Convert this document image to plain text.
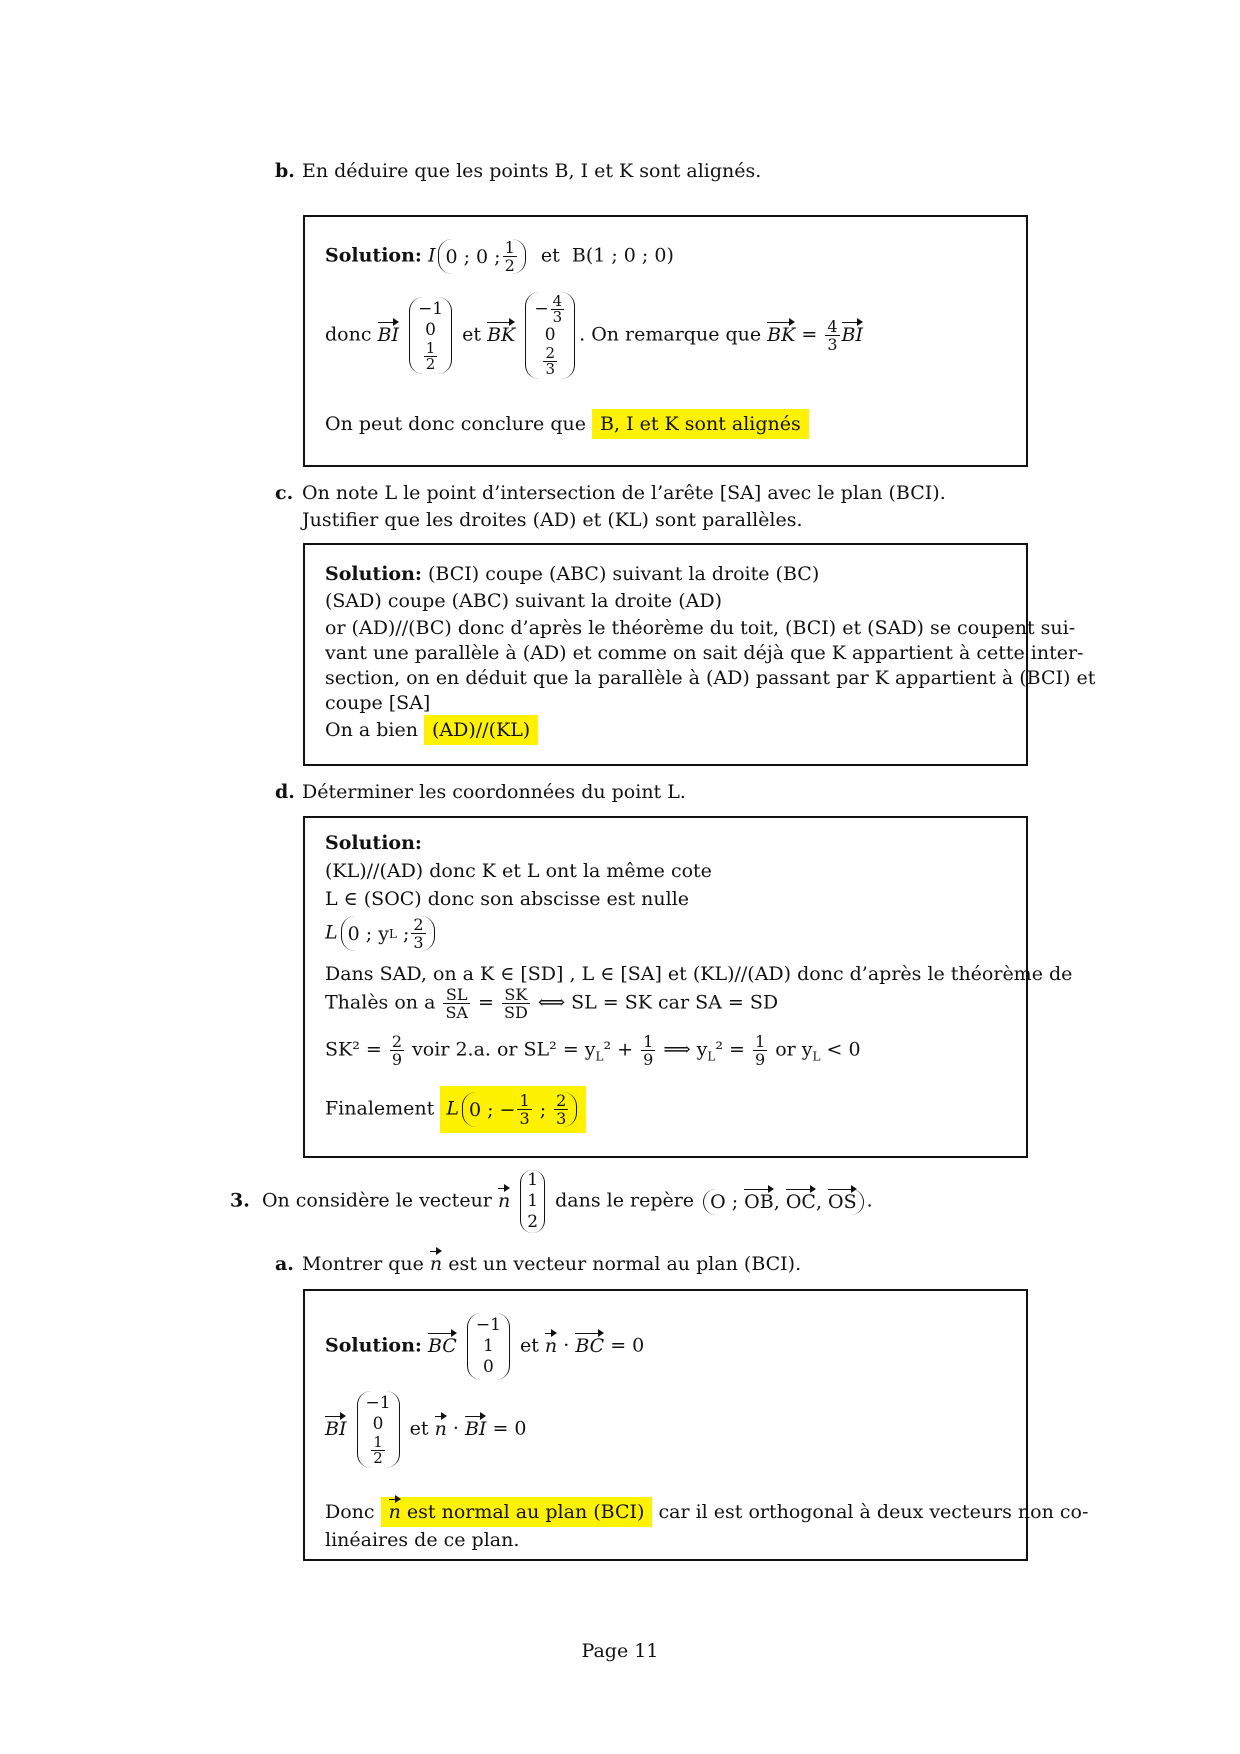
b. En déduire que les points B, I et K sont alignés.
Solution: I 0 ; 0 ; $\frac{1}{2}$ et B(1 ; 0 ; 0)
donc BI
−1
0
$\frac{1}{2}$
et BK
− $\frac{4}{3}$
0
$\frac{2}{3}$
. On remarque que BK = $\frac{4}{3}$ BI
On peut donc conclure que B, I et K sont alignés
c. On note L le point d’intersection de l’arête [SA] avec le plan (BCI).
Justifier que les droites (AD) et (KL) sont parallèles.
Solution: (BCI) coupe (ABC) suivant la droite (BC)
(SAD) coupe (ABC) suivant la droite (AD)
or (AD)//(BC) donc d’après le théorème du toit, (BCI) et (SAD) se coupent sui-
vant une parallèle à (AD) et comme on sait déjà que K appartient à cette inter-
section, on en déduit que la parallèle à (AD) passant par K appartient à (BCI) et
coupe [SA]
On a bien (AD)//(KL)
d. Déterminer les coordonnées du point L.
Solution:
(KL)//(AD) donc K et L ont la même cote
L ∈ (SOC) donc son abscisse est nulle
L 0 ; y L
; $\frac{2}{3}$
Dans SAD, on a K ∈ [SD] , L ∈ [SA] et (KL)//(AD) donc d’après le théorème de
Thalès on a $\frac{SL}{SA} = \frac{SK}{SD}$ ⟺ SL = SK car SA = SD
$SK^2 = \frac{2}{9}$ voir 2.a. or $SL^2 = y_L^2 + \frac{1}{9}$ ⟹ $y_L^2 = \frac{1}{9}$ or $y_L < 0$
Finalement L 0 ; − $\frac{1}{3}$
;
$\frac{2}{3}$
3. On considère le vecteur n
1
1
2
dans le repère O ;
OB , OC , OS .
a. Montrer que n est un vecteur normal au plan (BCI).
Solution: BC
−1
1
0
et n · BC = 0
BI
−1
0
$\frac{1}{2}$
et n · BI = 0
Donc n est normal au plan (BCI) car il est orthogonal à deux vecteurs non co-
linéaires de ce plan.
Page 11
